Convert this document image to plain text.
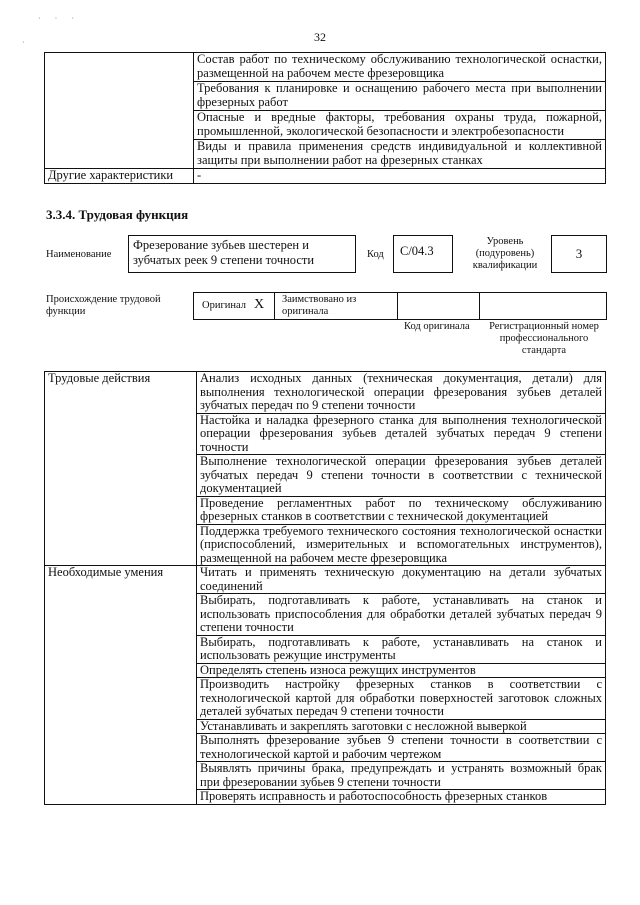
· · ·
·	32
	Состав работ по техническому обслуживанию технологической оснастки, размещенной на рабочем месте фрезеровщика
	Требования к планировке и оснащению рабочего места при выполнении фрезерных работ
	Опасные и вредные факторы, требования охраны труда, пожарной, промышленной, экологической безопасности и электробезопасности
	Виды и правила применения средств индивидуальной и коллективной защиты при выполнении работ на фрезерных станках
Другие характеристики	-
3.3.4. Трудовая функция
Наименование
Фрезерование зубьев шестерен и зубчатых реек 9 степени точности	Код	С/04.3
Уровень (подуровень) квалификации
3
Происхождение трудовой функции
Оригинал X Заимствовано из оригинала
Код оригинала	Регистрационный номер профессионального стандарта
Трудовые действия	Анализ исходных данных (техническая документация, детали) для выполнения технологической операции фрезерования зубьев деталей зубчатых передач по 9 степени точности
	Настойка и наладка фрезерного станка для выполнения технологической операции фрезерования зубьев деталей зубчатых передач 9 степени точности
	Выполнение технологической операции фрезерования зубьев деталей зубчатых передач 9 степени точности в соответствии с технической документацией
	Проведение регламентных работ по техническому обслуживанию фрезерных станков в соответствии с технической документацией
	Поддержка требуемого технического состояния технологической оснастки (приспособлений, измерительных и вспомогательных инструментов), размещенной на рабочем месте фрезеровщика
Необходимые умения	Читать и применять техническую документацию на детали зубчатых соединений
	Выбирать, подготавливать к работе, устанавливать на станок и использовать приспособления для обработки деталей зубчатых передач 9 степени точности
	Выбирать, подготавливать к работе, устанавливать на станок и использовать режущие инструменты
	Определять степень износа режущих инструментов
	Производить настройку фрезерных станков в соответствии с технологической картой для обработки поверхностей заготовок сложных деталей зубчатых передач 9 степени точности
	Устанавливать и закреплять заготовки с несложной выверкой
	Выполнять фрезерование зубьев 9 степени точности в соответствии с технологической картой и рабочим чертежом
	Выявлять причины брака, предупреждать и устранять возможный брак при фрезеровании зубьев 9 степени точности
	Проверять исправность и работоспособность фрезерных станков
